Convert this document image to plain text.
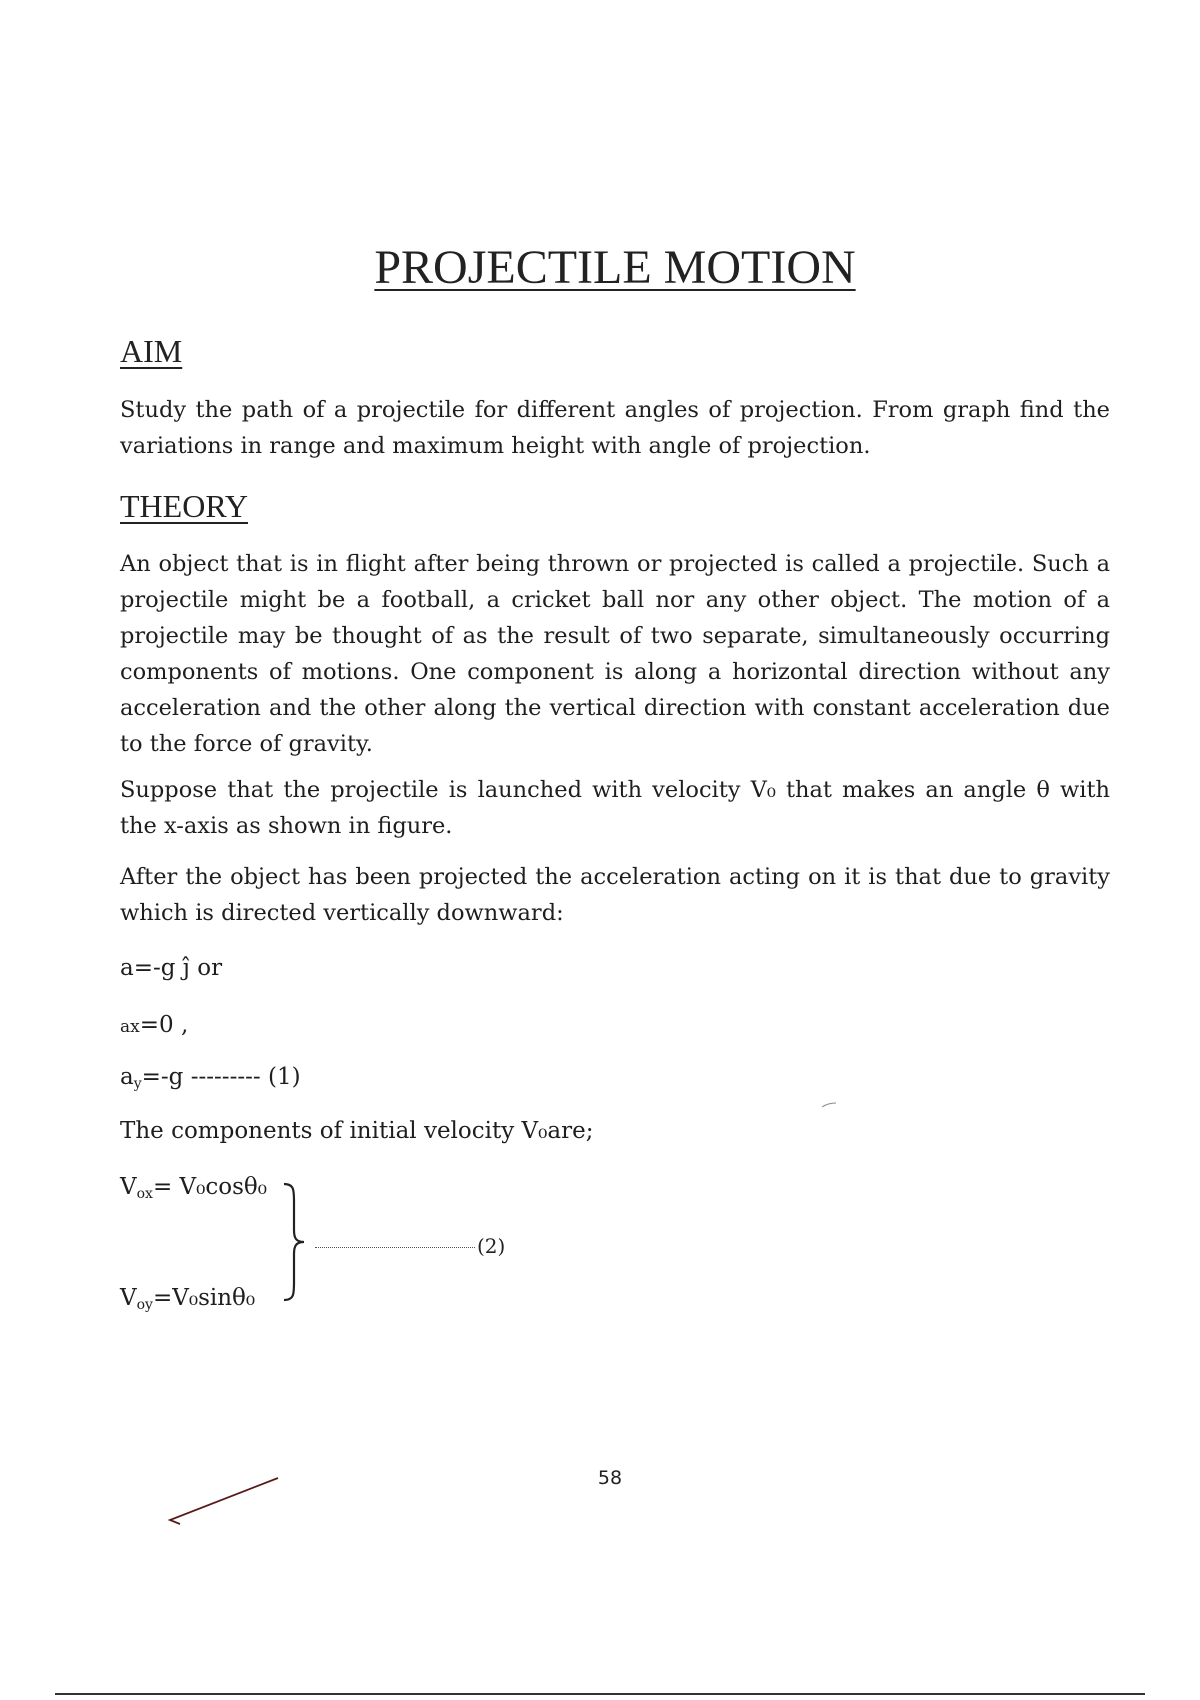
PROJECTILE MOTION
AIM
Study the path of a projectile for different angles of projection. From graph find the variations in range and maximum height with angle of projection.
THEORY
An object that is in flight after being thrown or projected is called a projectile. Such a projectile might be a football, a cricket ball nor any other object. The motion of a projectile may be thought of as the result of two separate, simultaneously occurring components of motions. One component is along a horizontal direction without any acceleration and the other along the vertical direction with constant acceleration due to the force of gravity.
Suppose that the projectile is launched with velocity V₀ that makes an angle θ with the x-axis as shown in figure.
After the object has been projected the acceleration acting on it is that due to gravity which is directed vertically downward:
a=-g ĵ or
ax=0 ,
$a_y=-g$ --------- (1)
The components of initial velocity V₀are;
$V_{ox}= V_0\cos\theta_0$
$V_{oy}=V_0\sin\theta_0$
(2)
58
